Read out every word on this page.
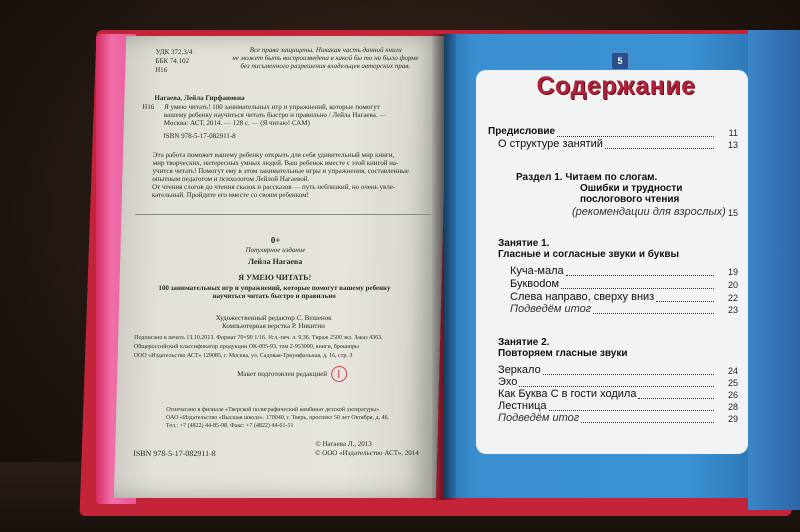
УДК 372.3/4
ББК 74.102
Н16
Все права защищены. Никакая часть данной книги
не может быть воспроизведена в какой бы то ни было форме
без письменного разрешения владельцев авторских прав.
Нагаева, Лейла Гирфановна
Н16 Я умею читать! 100 занимательных игр и упражнений, которые помогут
вашему ребенку научиться читать быстро и правильно / Лейла Нагаева. —
Москва: АСТ, 2014. — 128 с. — (Я читаю! САМ)
ISBN 978-5-17-082911-8
Эта работа поможет вашему ребенку открыть для себя удивительный мир книги,
мир творческих, интересных умных людей. Ваш ребенок вместе с этой книгой на-
учится читать! Помогут ему в этом занимательные игры и упражнения, составленные
опытным педагогом и психологом Лейлой Нагаевой.
От чтения слогов до чтения сказок и рассказов — путь неблизкий, но очень увле-
кательный. Пройдите его вместе со своим ребенком!
0+
Популярное издание
Лейла Нагаева
Я УМЕЮ ЧИТАТЬ!
100 занимательных игр и упражнений, которые помогут вашему ребенку
научиться читать быстро и правильно
Художественный редактор С. Вешенок
Компьютерная верстка Р. Никитин
Подписано в печать 13.10.2013. Формат 70×90 1/16. Усл.-печ. л. 9,36. Тираж 2500 экз. Заказ 4363.
Общероссийский классификатор продукции ОК-005-93, том 2-953000, книги, брошюры
ООО «Издательство АСТ» 129085, г. Москва, ул. Садовая-Триумфальная, д. 16, стр. 3
Макет подготовлен редакцией
Отпечатано в филиале «Тверской полиграфический комбинат детской литературы»
ОАО «Издательство «Высшая школа». 170040, г. Тверь, проспект 50 лет Октября, д. 46.
Тел.: +7 (4822) 44-85-98. Факс: +7 (4822) 44-61-51
ISBN 978-5-17-082911-8
© Нагаева Л., 2013
© ООО «Издательство АСТ», 2014
5
Содержание
Предисловие	11
О структуре занятий	13
Раздел 1. Читаем по слогам.
Ошибки и трудности
послогового чтения
(рекомендации для взрослых) 15
Занятие 1.
Гласные и согласные звуки и буквы
Куча-мала	19
Буквodом	20
Слева направо, сверху вниз	22
Подведём итог	23
Занятие 2.
Повторяем гласные звуки
Зеркало	24
Эхо	25
Как Буква С в гости ходила	26
Лестница	28
Подведём итог	29
